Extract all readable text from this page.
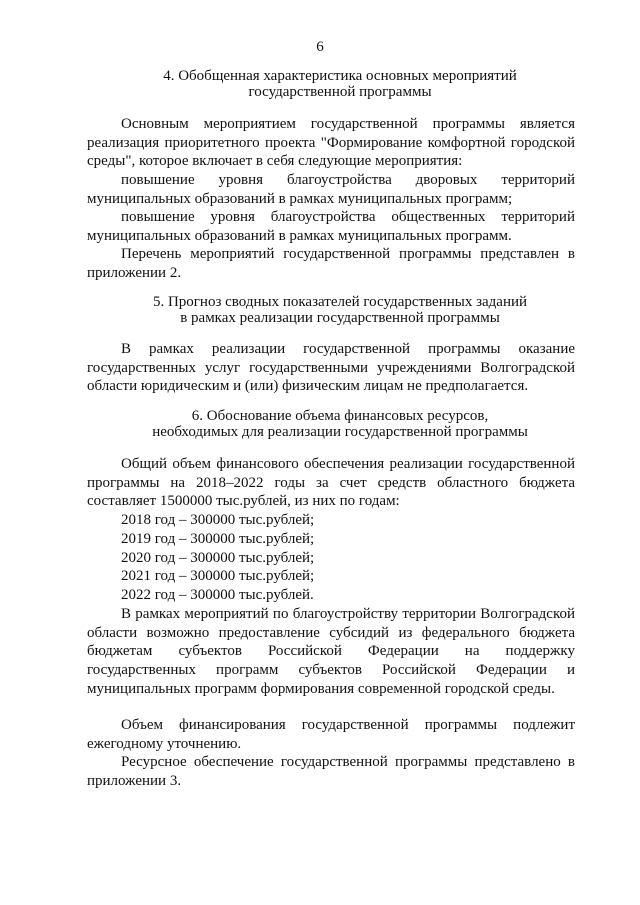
6
4. Обобщенная характеристика основных мероприятий
государственной программы
Основным мероприятием государственной программы является реализация приоритетного проекта "Формирование комфортной городской среды", которое включает в себя следующие мероприятия:
повышение уровня благоустройства дворовых территорий муниципальных образований в рамках муниципальных программ;
повышение уровня благоустройства общественных территорий муниципальных образований в рамках муниципальных программ.
Перечень мероприятий государственной программы представлен в приложении 2.
5. Прогноз сводных показателей государственных заданий
в рамках реализации государственной программы
В рамках реализации государственной программы оказание государственных услуг государственными учреждениями Волгоградской области юридическим и (или) физическим лицам не предполагается.
6. Обоснование объема финансовых ресурсов,
необходимых для реализации государственной программы
Общий объем финансового обеспечения реализации государственной программы на 2018–2022 годы за счет средств областного бюджета составляет 1500000 тыс.рублей, из них по годам:
2018 год – 300000 тыс.рублей;
2019 год – 300000 тыс.рублей;
2020 год – 300000 тыс.рублей;
2021 год – 300000 тыс.рублей;
2022 год – 300000 тыс.рублей.
В рамках мероприятий по благоустройству территории Волгоградской области возможно предоставление субсидий из федерального бюджета бюджетам субъектов Российской Федерации на поддержку государственных программ субъектов Российской Федерации и муниципальных программ формирования современной городской среды.
Объем финансирования государственной программы подлежит ежегодному уточнению.
Ресурсное обеспечение государственной программы представлено в приложении 3.
